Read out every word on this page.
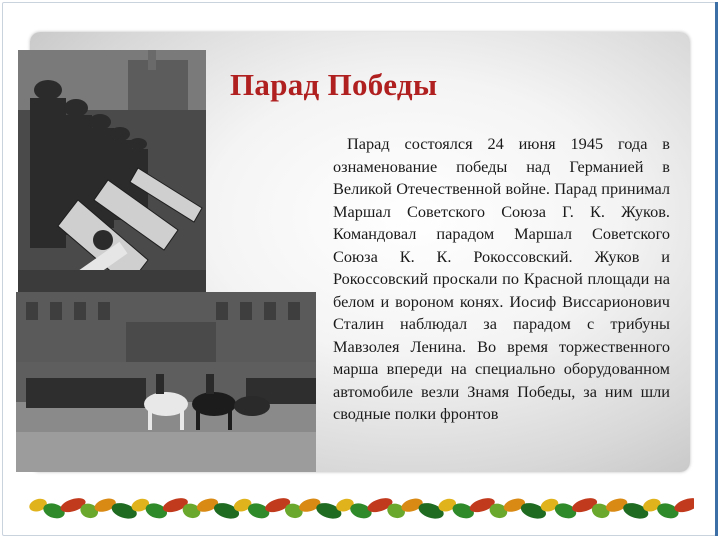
Парад Победы
Парад состоялся 24 июня 1945 года в ознаменование победы над Германией в Великой Отечественной войне. Парад принимал Маршал Советского Союза Г. К. Жуков. Командовал парадом Маршал Советского Союза К. К. Рокоссовский. Жуков и Рокоссовский проскали по Красной площади на белом и вороном конях. Иосиф Виссарионович Сталин наблюдал за парадом с трибуны Мавзолея Ленина. Во время торжественного марша впереди на специально оборудованном автомобиле везли Знамя Победы, за ним шли сводные полки фронтов
